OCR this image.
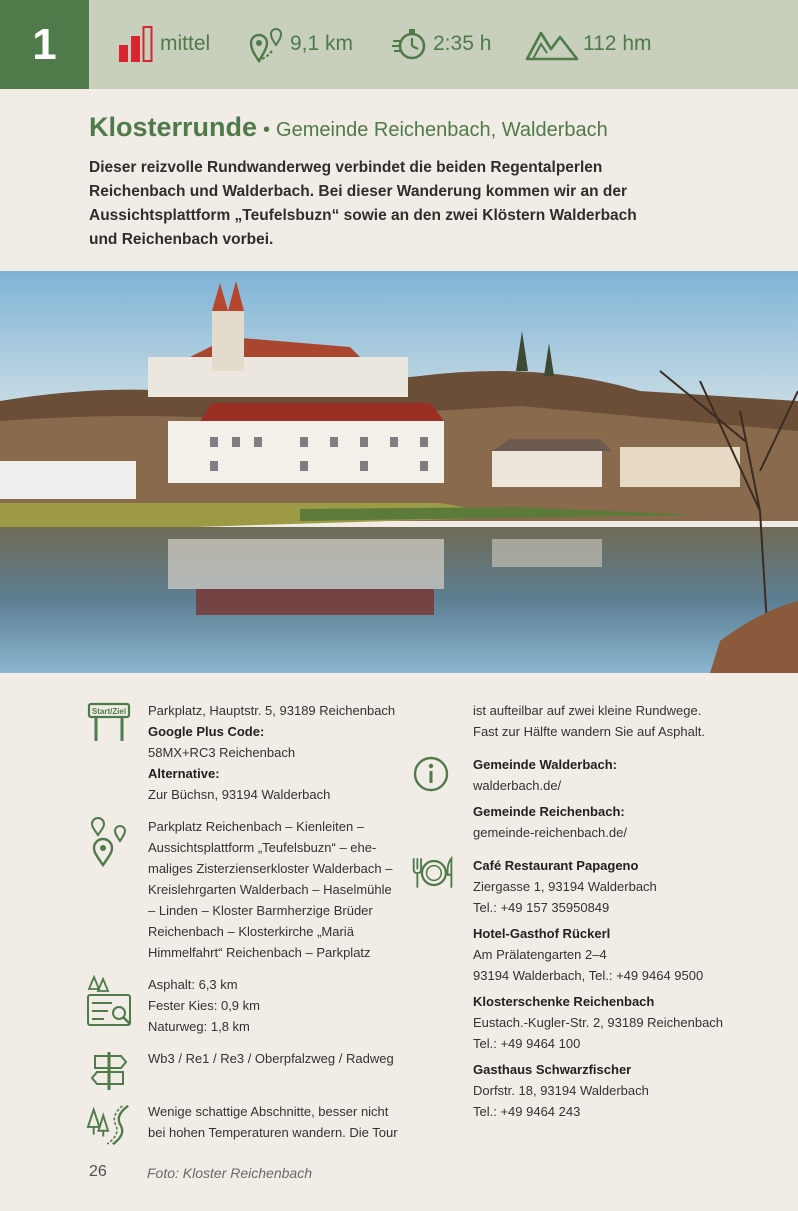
1	mittel	9,1 km	2:35 h	112 hm
Klosterrunde • Gemeinde Reichenbach, Walderbach
Dieser reizvolle Rundwanderweg verbindet die beiden Regentalperlen
Reichenbach und Walderbach. Bei dieser Wanderung kommen wir an der
Aussichtsplattform „Teufelsbuzn“ sowie an den zwei Klöstern Walderbach
und Reichenbach vorbei.
Start/Ziel Parkplatz, Hauptstr. 5, 93189 Reichenbach
Google Plus Code:
58MX+RC3 Reichenbach
Alternative:
Zur Büchsn, 93194 Walderbach
Parkplatz Reichenbach – Kienleiten –
Aussichtsplattform „Teufelsbuzn“ – ehe-
maliges Zisterzienserkloster Walderbach –
Kreislehrgarten Walderbach – Haselmühle
– Linden – Kloster Barmherzige Brüder
Reichenbach – Klosterkirche „Mariä
Himmelfahrt“ Reichenbach – Parkplatz
Asphalt: 6,3 km
Fester Kies: 0,9 km
Naturweg: 1,8 km
Wb3 / Re1 / Re3 / Oberpfalzweg / Radweg
Wenige schattige Abschnitte, besser nicht
bei hohen Temperaturen wandern. Die Tour
ist aufteilbar auf zwei kleine Rundwege.
Fast zur Hälfte wandern Sie auf Asphalt.
Gemeinde Walderbach:
walderbach.de/
Gemeinde Reichenbach:
gemeinde-reichenbach.de/
Café Restaurant Papageno
Ziergasse 1, 93194 Walderbach
Tel.: +49 157 35950849
Hotel-Gasthof Rückerl
Am Prälatengarten 2–4
93194 Walderbach, Tel.: +49 9464 9500
Klosterschenke Reichenbach
Eustach.-Kugler-Str. 2, 93189 Reichenbach
Tel.: +49 9464 100
Gasthaus Schwarzfischer
Dorfstr. 18, 93194 Walderbach
Tel.: +49 9464 243
26	Foto: Kloster Reichenbach
